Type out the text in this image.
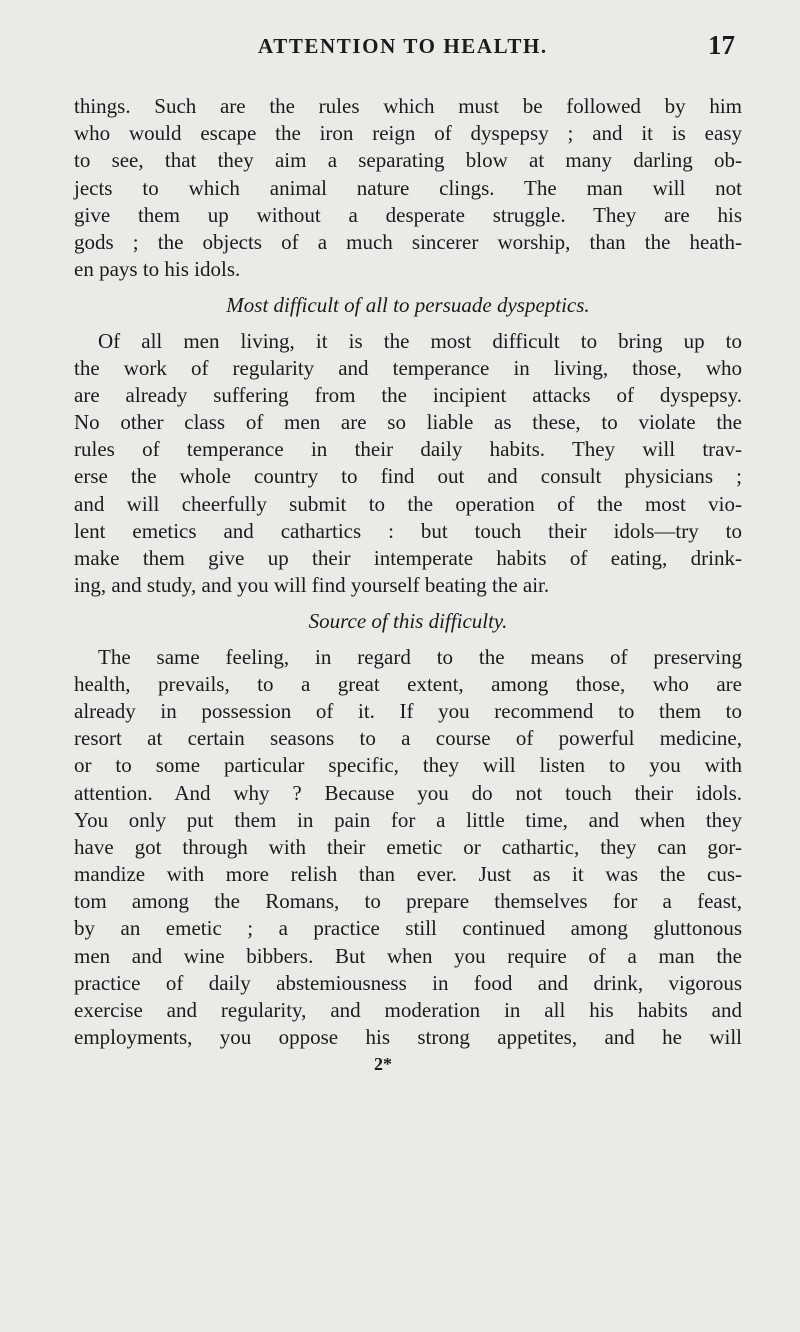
ATTENTION TO HEALTH.	17
things. Such are the rules which must be followed by him
who would escape the iron reign of dyspepsy ; and it is easy
to see, that they aim a separating blow at many darling ob-
jects to which animal nature clings. The man will not
give them up without a desperate struggle. They are his
gods ; the objects of a much sincerer worship, than the heath-
en pays to his idols.
Most difficult of all to persuade dyspeptics.
Of all men living, it is the most difficult to bring up to
the work of regularity and temperance in living, those, who
are already suffering from the incipient attacks of dyspepsy.
No other class of men are so liable as these, to violate the
rules of temperance in their daily habits. They will trav-
erse the whole country to find out and consult physicians ;
and will cheerfully submit to the operation of the most vio-
lent emetics and cathartics : but touch their idols—try to
make them give up their intemperate habits of eating, drink-
ing, and study, and you will find yourself beating the air.
Source of this difficulty.
The same feeling, in regard to the means of preserving
health, prevails, to a great extent, among those, who are
already in possession of it. If you recommend to them to
resort at certain seasons to a course of powerful medicine,
or to some particular specific, they will listen to you with
attention. And why ? Because you do not touch their idols.
You only put them in pain for a little time, and when they
have got through with their emetic or cathartic, they can gor-
mandize with more relish than ever. Just as it was the cus-
tom among the Romans, to prepare themselves for a feast,
by an emetic ; a practice still continued among gluttonous
men and wine bibbers. But when you require of a man the
practice of daily abstemiousness in food and drink, vigorous
exercise and regularity, and moderation in all his habits and
employments, you oppose his strong appetites, and he will
2*
